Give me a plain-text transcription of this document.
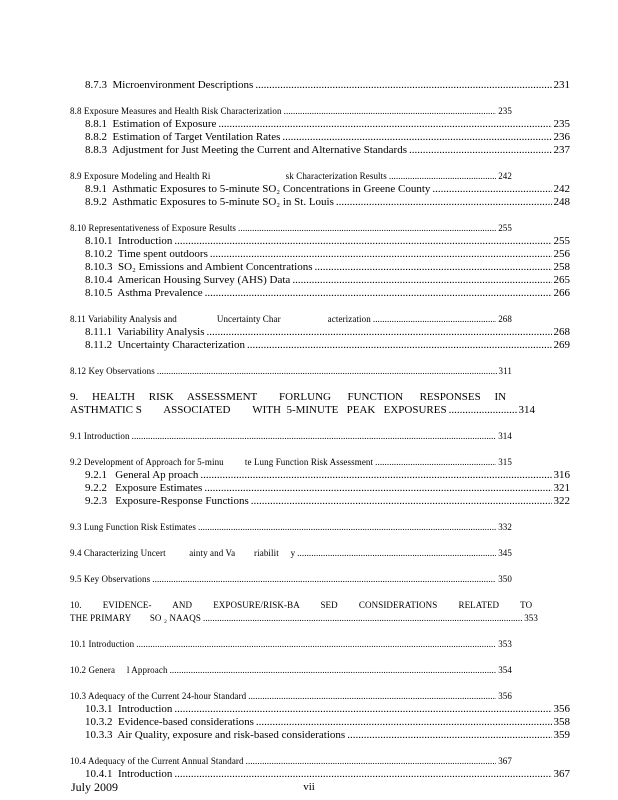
8.7.3  Microenvironment Descriptions .....	231
8.8 Exposure Measures and Health Risk Characterization .....	235
8.8.1  Estimation of Exposure .....	235
8.8.2  Estimation of Target Ventilation Rates .....	236
8.8.3  Adjustment for Just Meeting the Current and Alternative Standards .....	237
8.9 Exposure Modeling and Health Ri                                sk Characterization Results .....	242
8.9.1  Asthmatic Exposures to 5-minute SO₂ Concentrations in Greene County .....	242
8.9.2  Asthmatic Exposures to 5-minute SO₂ in St. Louis .....	248
8.10 Representativeness of Exposure Results .....	255
8.10.1  Introduction .....	255
8.10.2  Time spent outdoors .....	256
8.10.3  SO₂ Emissions and Ambient Concentrations .....	258
8.10.4  American Housing Survey (AHS) Data .....	265
8.10.5  Asthma Prevalence .....	266
8.11 Variability Analysis and                 Uncertainty Char                    acterization .....	268
8.11.1  Variability Analysis .....	268
8.11.2  Uncertainty Characterization .....	269
8.12 Key Observations .....	311
9.     HEALTH     RISK     ASSESSMENT        FORLUNG      FUNCTION      RESPONSES     IN
ASTHMATIC S        ASSOCIATED        WITH  5-MINUTE   PEAK   EXPOSURES .....	314
9.1 Introduction .....	314
9.2 Development of Approach for 5-minu         te Lung Function Risk Assessment .....	315
9.2.1   General Ap proach .....	316
9.2.2   Exposure Estimates .....	321
9.2.3   Exposure-Response Functions .....	322
9.3 Lung Function Risk Estimates .....	332
9.4 Characterizing Uncert          ainty and Va        riabilit     y .....	345
9.5 Key Observations .....	350
10.         EVIDENCE-         AND         EXPOSURE/RISK-BA         SED         CONSIDERATIONS         RELATED         TO
THE PRIMARY        SO ₂ NAAQS .....	353
10.1 Introduction .....	353
10.2 Genera     l Approach .....	354
10.3 Adequacy of the Current 24-hour Standard .....	356
10.3.1  Introduction .....	356
10.3.2  Evidence-based considerations .....	358
10.3.3  Air Quality, exposure and risk-based considerations .....	359
10.4 Adequacy of the Current Annual Standard .....	367
10.4.1  Introduction .....	367
July 2009	vii
